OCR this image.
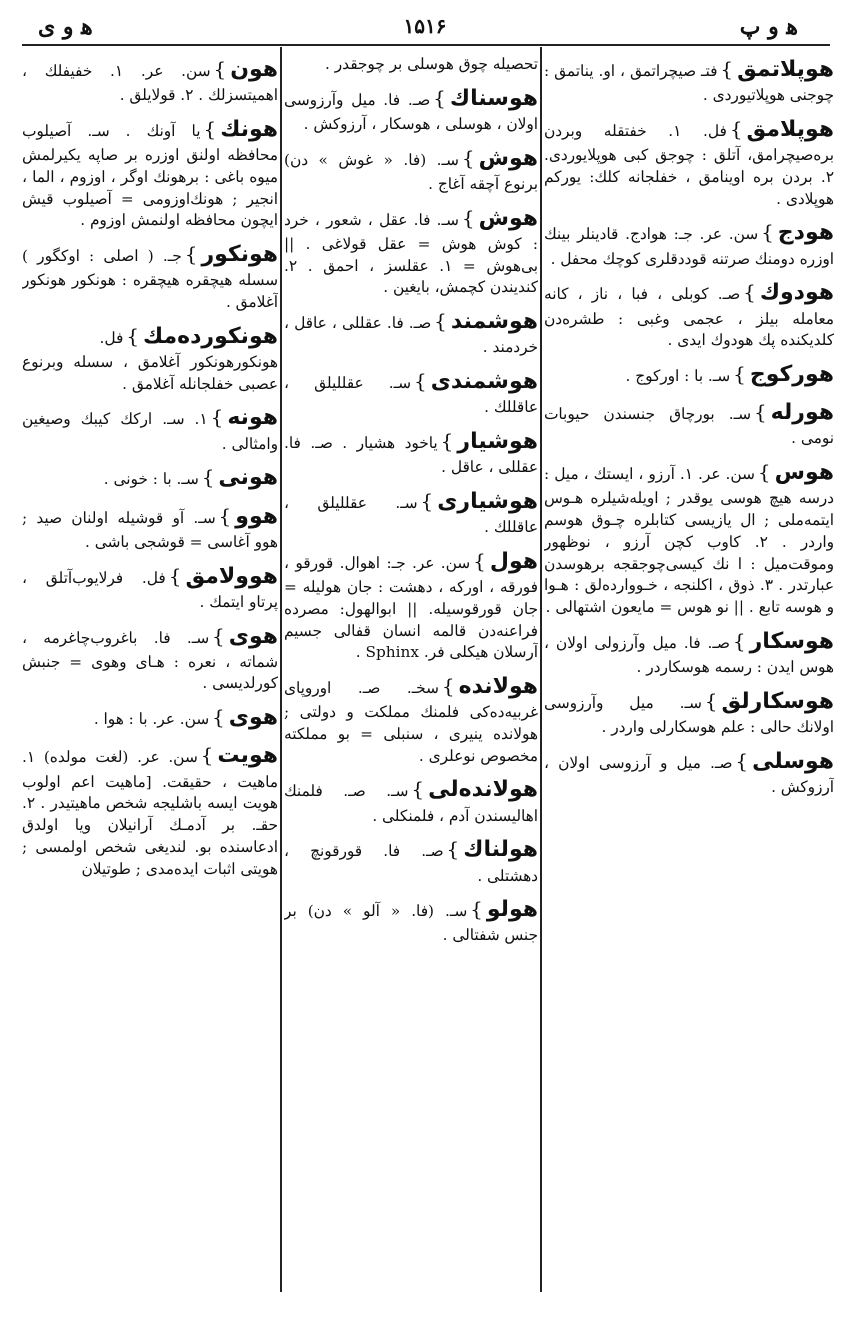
ﻫ و ی	۱۵۱۶	ﻫ و پ
هوپلاتمق}فتـ صیچراتمق ، او. یناتمق : چوجنی هوپلاتیوردی .
هوپلامق}فل. ۱. خفتقله وبردن برەصیچرامق، آتلق : چوجق کبی هوپلایوردی. ۲. بردن بره اوینامق ، خفلجانه کلك: یورکم هوپلادی .
هودج}سن. عر. جـ: هوادج. قادینلر بینك اوزره دومنك صرتنه قوددقلری کوچك محفل .
هودوك}صـ. کوبلی ، فبا ، ناز ، کانه معامله بیلز ، عجمی وغبی : طشره‌دن کلدیکنده پك هودوك ایدی .
هورکوج}سـ. با : اورکوج .
هورله}سـ. بورچاق جنسندن حیوبات نومی .
هوس}سن. عر. ۱. آرزو ، ایستك ، میل : درسه هیچ هوسی یوقدر ; اویله‌شیلره هـوس ایتمه‌ملی ; ال یازیسی کتابلره چـوق هوسم واردر . ۲. کاوب کچن آرزو ، نوظهور وموقت‌میل : ا نك کیسی‌چوجقجه برهوسدن عبارتدر . ۳. ذوق ، اکلنجه ، خـووارده‌لق : هـوا و هوسه تابع . || نو هوس = مایعون اشتهالی .
هوسکار}صـ. فا. میل وآرزولی اولان ، هوس ایدن : رسمه هوسکاردر .
هوسکارلق}سـ. میل وآرزوسی اولانك حالی : علم هوسکارلی واردر .
هوسلی}صـ. میل و آرزوسی اولان ، آرزوکش .
تحصیله چوق هوسلی بر چوجقدر .
هوسناك}صـ. فا. میل وآرزوسی اولان ، هوسلی ، هوسکار ، آرزوکش .
هوش}سـ. (فا. « غوش » دن) برنوع آچقه آغاج .
هوش}سـ. فا. عقل ، شعور ، خرد : کوش هوش = عقل قولاغی . || بی‌هوش = ۱. عقلسز ، احمق . ۲. کندیندن کچمش، بایغین .
هوشمند}صـ. فا. عقللی ، عاقل ، خردمند .
هوشمندی}سـ. عقللیلق ، عاقللك .
هوشیار}یاخود هشیار . صـ. فا. عقللی ، عاقل .
هوشیاری}سـ. عقللیلق ، عاقللك .
هول}سن. عر. جـ: اهوال. قورقو ، فورقه ، اورکه ، دهشت : جان هولیله = جان قورقوسیله. || ابوالهول: مصرده فراعنه‌دن قالمه انسان قفالی جسیم آرسلان هیکلی فر. Sphinx .
هولانده}سخـ. صـ. اوروپای غربیه‌ده‌کی فلمنك مملکت و دولتی ; هولانده ینیری ، سنبلی = بو مملکته مخصوص نوعلری .
هولانده‌لی}سـ. صـ. فلمنك اهالیسندن آدم ، فلمنکلی .
هولناك}صـ. فا. قورقونچ ، دهشتلی .
هولو}سـ. (فا. « آلو » دن) بر جنس شفتالی .
هون}سن. عر. ۱. خفیفلك ، اهمیتسزلك . ۲. قولایلق .
هونك}یا آونك . سـ. آصیلوب محافظه اولنق اوزره بر صاپه یکیرلمش میوه باغی : برهونك اوگر ، اوزوم ، الما ، انجیر ; هونك‌اوزومی = آصیلوب قیش ایچون محافظه اولنمش اوزوم .
هونکور}جـ. ( اصلی : اوکگور ) سسله هیچقره هیچقره : هونکور هونکور آغلامق .
هونکورده‌مك}فل. هونکورهونکور آغلامق ، سسله وبرنوع عصبی خفلجانله آغلامق .
هونه}۱. سـ. ارکك کیبك وصیغین وامثالی .
هونی}سـ. با : خونی .
هوو}سـ. آو قوشیله اولنان صید ; هوو آغاسی = قوشجی باشی .
هوولامق}فل. فرلایوب‌آتلق ، پرتاو ایتمك .
هوی}سـ. فا. باغرو‌ب‌چاغرمه ، شماته ، نعره : هـای وهوی = جنبش کورلدیسی .
هوی}سن. عر. با : هوا .
هویت}سن. عر. (لغت مولده) ۱. ماهیت ، حقیقت. [ماهیت اعم اولوب هویت ایسه باشلیجه شخص ماهیتیدر . ۲. حقـ. بر آدمـك آرانیلان ویا اولدق ادعاسنده بو. لندیغی شخص اولمسی ; هویتی اثبات ایده‌مدی ; طوتیلان
